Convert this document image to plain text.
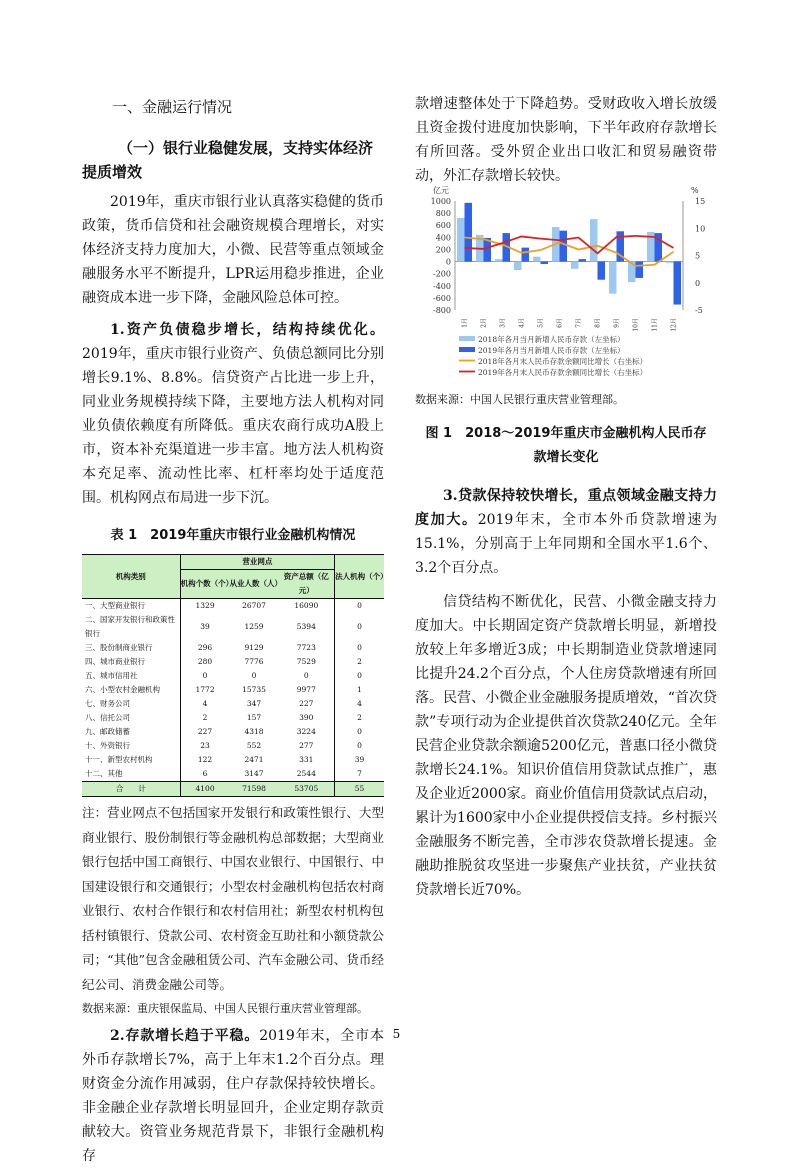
一、金融运行情况

（一）银行业稳健发展，支持实体经济提质增效

2019年，重庆市银行业认真落实稳健的货币政策，货币信贷和社会融资规模合理增长，对实体经济支持力度加大，小微、民营等重点领域金融服务水平不断提升，LPR运用稳步推进，企业融资成本进一步下降，金融风险总体可控。

1.资产负债稳步增长，结构持续优化。2019年，重庆市银行业资产、负债总额同比分别增长9.1%、8.8%。信贷资产占比进一步上升，同业业务规模持续下降，主要地方法人机构对同业负债依赖度有所降低。重庆农商行成功A股上市，资本补充渠道进一步丰富。地方法人机构资本充足率、流动性比率、杠杆率均处于适度范围。机构网点布局进一步下沉。

表 1　2019年重庆市银行业金融机构情况
机构类别	营业网点			法人机构（个）
	机构个数（个）	从业人数（人）	资产总额（亿元）	
一、大型商业银行	1329	26707	16090	0
二、国家开发银行和政策性银行	39	1259	5394	0
三、股份制商业银行	296	9129	7723	0
四、城市商业银行	280	7776	7529	2
五、城市信用社	0	0	0	0
六、小型农村金融机构	1772	15735	9977	1
七、财务公司	4	347	227	4
八、信托公司	2	157	390	2
九、邮政储蓄	227	4318	3224	0
十、外资银行	23	552	277	0
十一、新型农村机构	122	2471	331	39
十二、其他	6	3147	2544	7
合　　计	4100	71598	53705	55

注：营业网点不包括国家开发银行和政策性银行、大型商业银行、股份制银行等金融机构总部数据；大型商业银行包括中国工商银行、中国农业银行、中国银行、中国建设银行和交通银行；小型农村金融机构包括农村商业银行、农村合作银行和农村信用社；新型农村机构包括村镇银行、贷款公司、农村资金互助社和小额贷款公司；“其他”包含金融租赁公司、汽车金融公司、货币经纪公司、消费金融公司等。

数据来源：重庆银保监局、中国人民银行重庆营业管理部。

2.存款增长趋于平稳。2019年末，全市本外币存款增长7%，高于上年末1.2个百分点。理财资金分流作用减弱，住户存款保持较快增长。非金融企业存款增长明显回升，企业定期存款贡献较大。资管业务规范背景下，非银行金融机构存

款增速整体处于下降趋势。受财政收入增长放缓且资金拨付进度加快影响，下半年政府存款增长有所回落。受外贸企业出口收汇和贸易融资带动，外汇存款增长较快。

亿元	%
1000
800
600
400
200
0
-200
-400
-600
-800
15
10
5
0
-5
1月 2月 3月 4月 5月 6月 7月 8月 9月 10月 11月 12月
2018年各月当月新增人民币存款（左坐标）
2019年各月当月新增人民币存款（左坐标）
2018年各月末人民币存款余额同比增长（右坐标）
2019年各月末人民币存款余额同比增长（右坐标）
数据来源：中国人民银行重庆营业管理部。
图 1　2018～2019年重庆市金融机构人民币存款增长变化

3.贷款保持较快增长，重点领域金融支持力度加大。2019年末，全市本外币贷款增速为15.1%，分别高于上年同期和全国水平1.6个、3.2个百分点。

信贷结构不断优化，民营、小微金融支持力度加大。中长期固定资产贷款增长明显，新增投放较上年多增近3成；中长期制造业贷款增速同比提升24.2个百分点，个人住房贷款增速有所回落。民营、小微企业金融服务提质增效，“首次贷款”专项行动为企业提供首次贷款240亿元。全年民营企业贷款余额逾5200亿元，普惠口径小微贷款增长24.1%。知识价值信用贷款试点推广，惠及企业近2000家。商业价值信用贷款试点启动，累计为1600家中小企业提供授信支持。乡村振兴金融服务不断完善，全市涉农贷款增长提速。金融助推脱贫攻坚进一步聚焦产业扶贫，产业扶贫贷款增长近70%。

5
